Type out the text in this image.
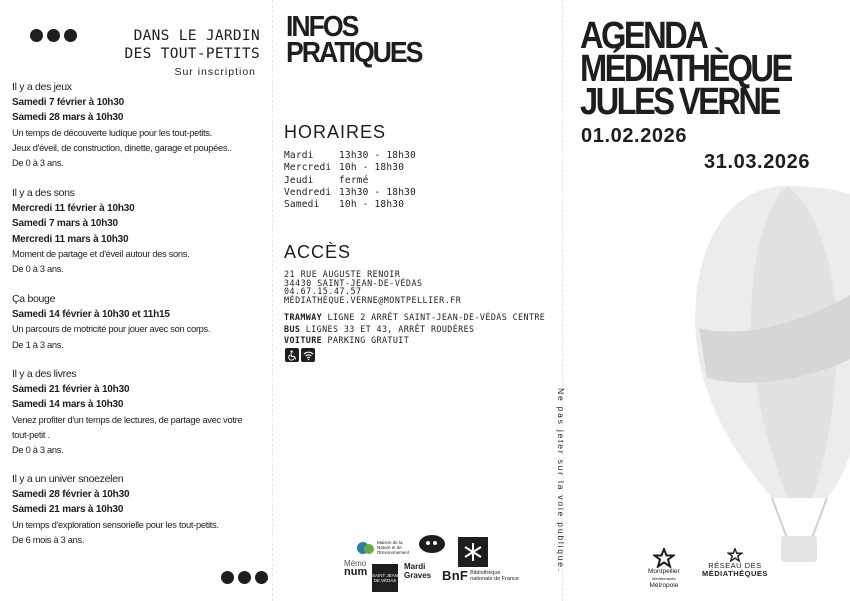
DANS LE JARDIN
DES TOUT-PETITS
Sur inscription
Il y a des jeux
Samedi 7 février à 10h30
Samedi 28 mars à 10h30
Un temps de découverte ludique pour les tout-petits.
Jeux d'éveil, de construction, dinette, garage et poupées..
De 0 à 3 ans.
Il y a des sons
Mercredi 11 février à 10h30
Samedi 7 mars à 10h30
Mercredi 11 mars à 10h30
Moment de partage et d'éveil autour des sons.
De 0 à 3 ans.
Ça bouge
Samedi 14 février à 10h30 et 11h15
Un parcours de motricité pour jouer avec son corps.
De 1 à 3 ans.
Il y a des livres
Samedi 21 février à 10h30
Samedi 14 mars à 10h30
Venez profiter d'un temps de lectures, de partage avec votre
tout-petit .
De 0 à 3 ans.
Il y a un univer snoezelen
Samedi 28 février à 10h30
Samedi 21 mars à 10h30
Un temps d'exploration sensorielle pour les tout-petits.
De 6 mois à 3 ans.
INFOS
PRATIQUES
HORAIRES
Mardi	13h30 - 18h30
Mercredi 10h - 18h30
Jeudi	fermé
Vendredi 13h30 - 18h30
Samedi	10h - 18h30
ACCÈS
21 RUE AUGUSTE RENOIR
34430 SAINT-JEAN-DE-VÉDAS
04.67.15.47.57
MÉDIATHÈQUE.VERNE@MONTPELLIER.FR
TRAMWAY LIGNE 2 ARRÊT SAINT-JEAN-DE-VÉDAS CENTRE
BUS LIGNES 33 ET 43, ARRÊT ROUDÈRES
VOITURE PARKING GRATUIT
Ne pas jeter sur la voie publique.
Maison de la Nature et de l'Environnement
Mémo
num SAINT JEAN DE VÉDAS
Mardi
Graves BnF Bibliothèque
nationale de France
AGENDA
MÉDIATHÈQUE
JULES VERNE
01.02.2026
31.03.2026
Montpellier
Méditerranée
Métropole
RÉSEAU DES
MÉDIATHÈQUES
